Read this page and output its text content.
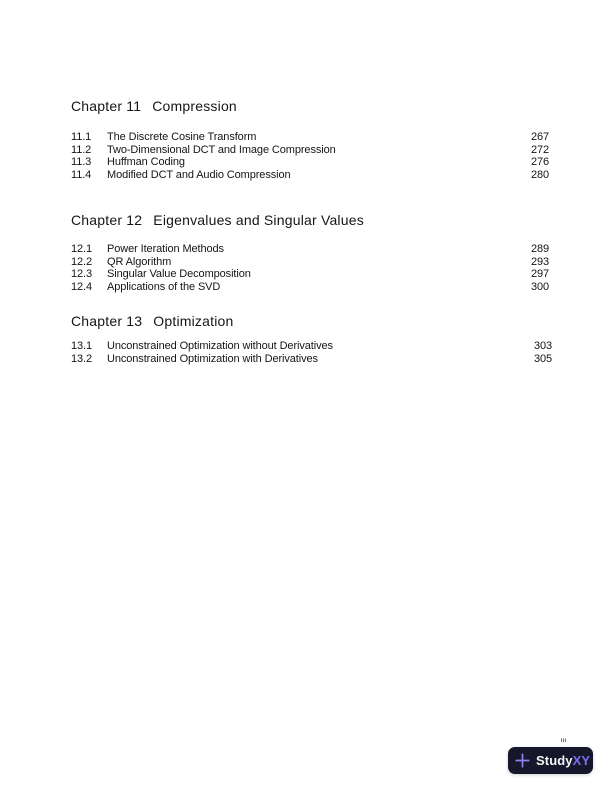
Chapter 11 Compression
11.1	The Discrete Cosine Transform	267
11.2	Two-Dimensional DCT and Image Compression	272
11.3	Huffman Coding	276
11.4	Modified DCT and Audio Compression	280
Chapter 12 Eigenvalues and Singular Values
12.1	Power Iteration Methods	289
12.2	QR Algorithm	293
12.3	Singular Value Decomposition	297
12.4	Applications of the SVD	300
Chapter 13 Optimization
13.1	Unconstrained Optimization without Derivatives	303
13.2	Unconstrained Optimization with Derivatives	305
iii
Study XY
